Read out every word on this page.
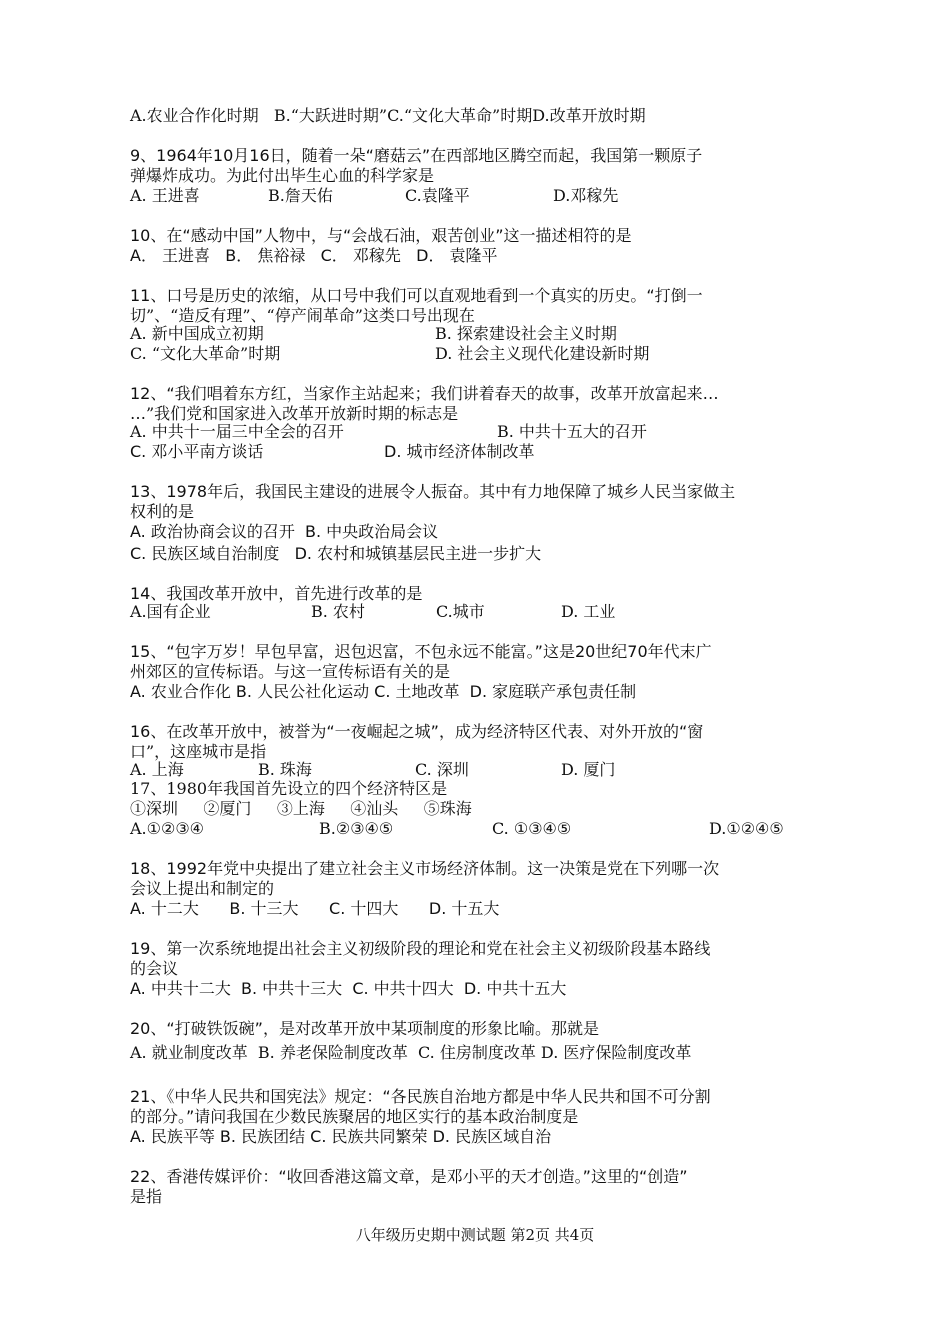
A.农业合作化时期   B.“大跃进时期”C.“文化大革命”时期D.改革开放时期
9、1964年10月16日，随着一朵“磨菇云”在西部地区腾空而起，我国第一颗原子
弹爆炸成功。为此付出毕生心血的科学家是
A. 王进喜	B.詹天佑	C.袁隆平	D.邓稼先
10、在“感动中国”人物中，与“会战石油，艰苦创业”这一描述相符的是
A． 王进喜   B． 焦裕禄   C． 邓稼先   D． 袁隆平
11、口号是历史的浓缩，从口号中我们可以直观地看到一个真实的历史。“打倒一
切”、“造反有理”、“停产闹革命”这类口号出现在
A. 新中国成立初期	B. 探索建设社会主义时期
C. “文化大革命”时期	D. 社会主义现代化建设新时期
12、“我们唱着东方红，当家作主站起来；我们讲着春天的故事，改革开放富起来…
…”我们党和国家进入改革开放新时期的标志是
A. 中共十一届三中全会的召开	B. 中共十五大的召开
C. 邓小平南方谈话	D. 城市经济体制改革
13、1978年后，我国民主建设的进展令人振奋。其中有力地保障了城乡人民当家做主
权利的是
A. 政治协商会议的召开  B. 中央政治局会议
C. 民族区域自治制度   D. 农村和城镇基层民主进一步扩大
14、我国改革开放中，首先进行改革的是
A.国有企业	B. 农村	C.城市	D. 工业
15、“包字万岁！早包早富，迟包迟富，不包永远不能富。”这是20世纪70年代末广
州郊区的宣传标语。与这一宣传标语有关的是
A. 农业合作化 B. 人民公社化运动 C. 土地改革  D. 家庭联产承包责任制
16、在改革开放中，被誉为“一夜崛起之城”，成为经济特区代表、对外开放的“窗
口”，这座城市是指
A. 上海	B. 珠海	C. 深圳	D. 厦门
17、1980年我国首先设立的四个经济特区是
①深圳     ②厦门     ③上海     ④汕头     ⑤珠海
A.①②③④	B.②③④⑤	C. ①③④⑤	D.①②④⑤
18、1992年党中央提出了建立社会主义市场经济体制。这一决策是党在下列哪一次
会议上提出和制定的
A. 十二大      B. 十三大      C. 十四大      D. 十五大
19、第一次系统地提出社会主义初级阶段的理论和党在社会主义初级阶段基本路线
的会议
A. 中共十二大  B. 中共十三大  C. 中共十四大  D. 中共十五大
20、“打破铁饭碗”，是对改革开放中某项制度的形象比喻。那就是
A. 就业制度改革  B. 养老保险制度改革  C. 住房制度改革 D. 医疗保险制度改革
21、《中华人民共和国宪法》规定：“各民族自治地方都是中华人民共和国不可分割
的部分。”请问我国在少数民族聚居的地区实行的基本政治制度是
A. 民族平等 B. 民族团结 C. 民族共同繁荣 D. 民族区域自治
22、香港传媒评价：“收回香港这篇文章，是邓小平的天才创造。”这里的“创造”
是指
八年级历史期中测试题 第2页 共4页
